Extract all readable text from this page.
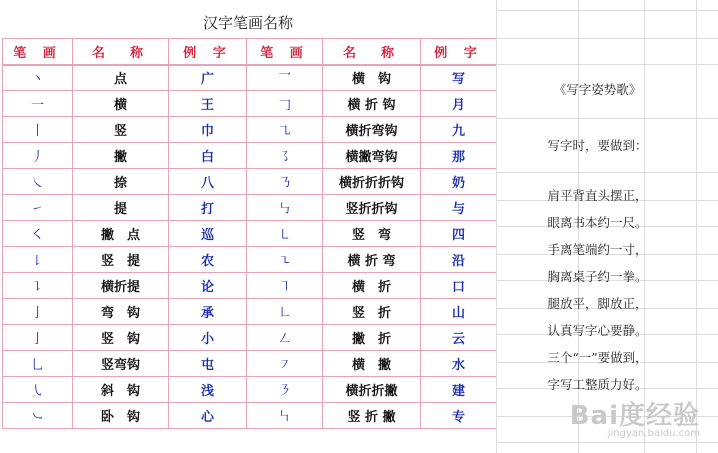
汉字笔画名称
笔 画	名　称	例 字	笔 画	名　称	例 字
丶	点	广	乛	横　钩	写
一	横	王	𠃌	横 折 钩	月
丨	竖	巾	㇈	横折弯钩	九
丿	撇	白	㇌	横撇弯钩	那
㇏	捺	八	㇡	横折折折钩	奶
㇀	提	打	㇉	竖折折钩	与
㇛	撇　点	巡	㇄	竖　弯	四
㇙	竖　提	农	㇍	横 折 弯	沿
㇊	横折提	论	㇕	横　折	口
亅	弯　钩	承	㇗	竖　折	山
亅	竖　钩	小	㇜	撇　折	云
乚	竖弯钩	屯	㇇	横　撇	水
㇂	斜　钩	浅	㇋	横折折撇	建
㇃	卧　钩	心	㇞	竖 折 撇	专
《写字姿势歌》
写字时，要做到：
肩平背直头摆正，
眼离书本约一尺。
手离笔端约一寸，
胸离桌子约一拳。
腿放平，脚放正，
认真写字心要静。
三个“一”要做到，
字写工整质力好。
Bai度经验
jingyan.baidu.com
